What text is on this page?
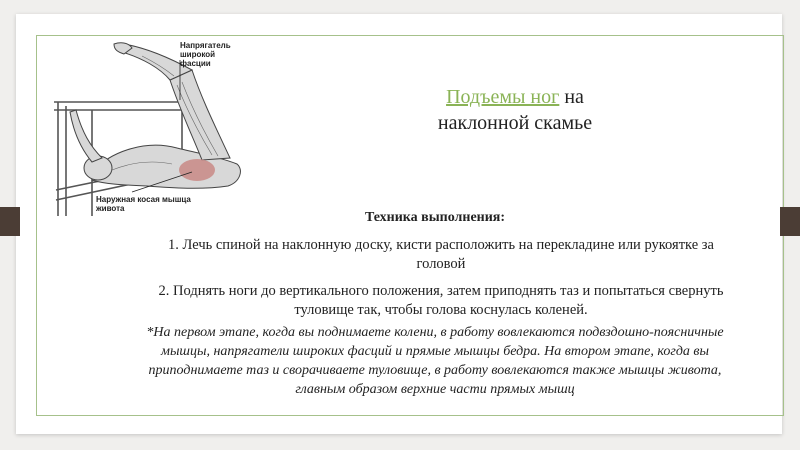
Напрягатель
широкой
фасции
Наружная косая мышца
живота
Подъемы ног на наклонной скамье
Техника выполнения:
1. Лечь спиной на наклонную доску, кисти расположить на перекладине или рукоятке за головой
2. Поднять ноги до вертикального положения, затем приподнять таз и попытаться свернуть туловище так, чтобы голова коснулась коленей.
*На первом этапе, когда вы поднимаете колени, в работу вовлекаются подвздошно-поясничные мышцы, напрягатели широких фасций и прямые мышцы бедра. На втором этапе, когда вы приподнимаете таз и сворачиваете туловище, в работу вовлекаются также мышцы живота, главным образом верхние части прямых мышц
